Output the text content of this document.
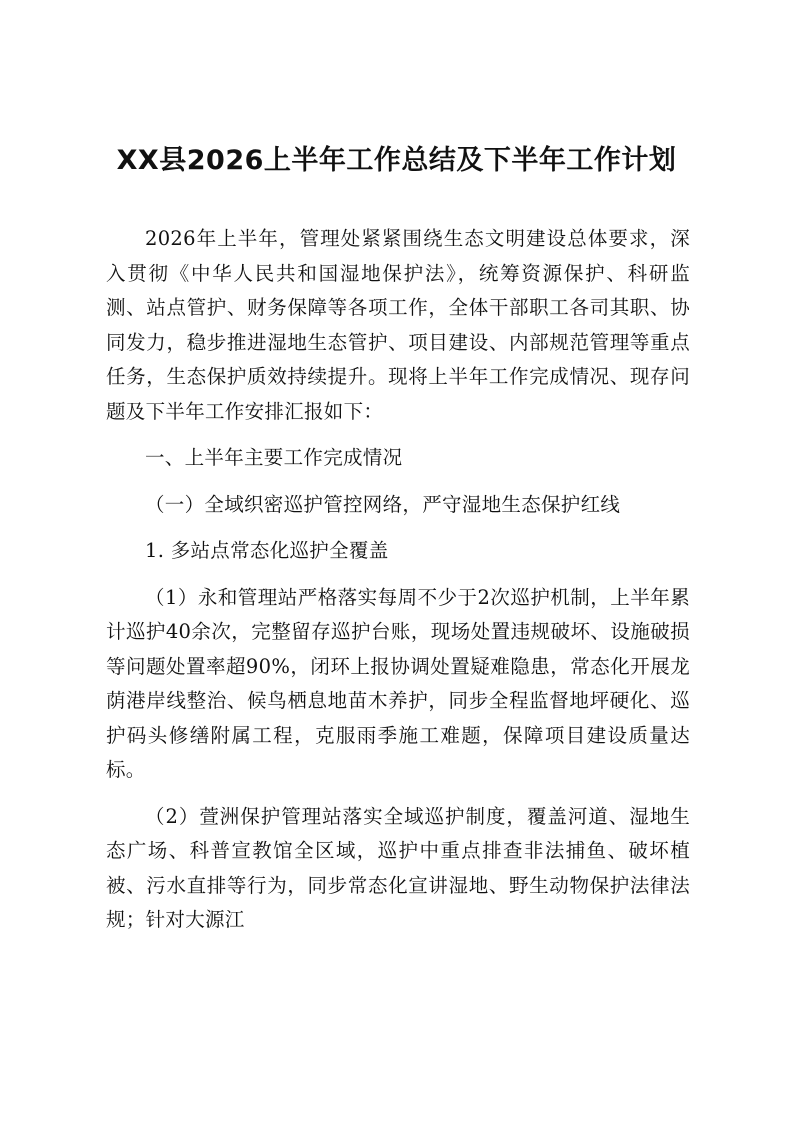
XX县2026上半年工作总结及下半年工作计划

2026年上半年，管理处紧紧围绕生态文明建设总体要求，深入贯彻《中华人民共和国湿地保护法》，统筹资源保护、科研监测、站点管护、财务保障等各项工作，全体干部职工各司其职、协同发力，稳步推进湿地生态管护、项目建设、内部规范管理等重点任务，生态保护质效持续提升。现将上半年工作完成情况、现存问题及下半年工作安排汇报如下：

一、上半年主要工作完成情况

（一）全域织密巡护管控网络，严守湿地生态保护红线

1. 多站点常态化巡护全覆盖

（1）永和管理站严格落实每周不少于2次巡护机制，上半年累计巡护40余次，完整留存巡护台账，现场处置违规破坏、设施破损等问题处置率超90%，闭环上报协调处置疑难隐患，常态化开展龙荫港岸线整治、候鸟栖息地苗木养护，同步全程监督地坪硬化、巡护码头修缮附属工程，克服雨季施工难题，保障项目建设质量达标。

（2）萱洲保护管理站落实全域巡护制度，覆盖河道、湿地生态广场、科普宣教馆全区域，巡护中重点排查非法捕鱼、破坏植被、污水直排等行为，同步常态化宣讲湿地、野生动物保护法律法规；针对大源江
